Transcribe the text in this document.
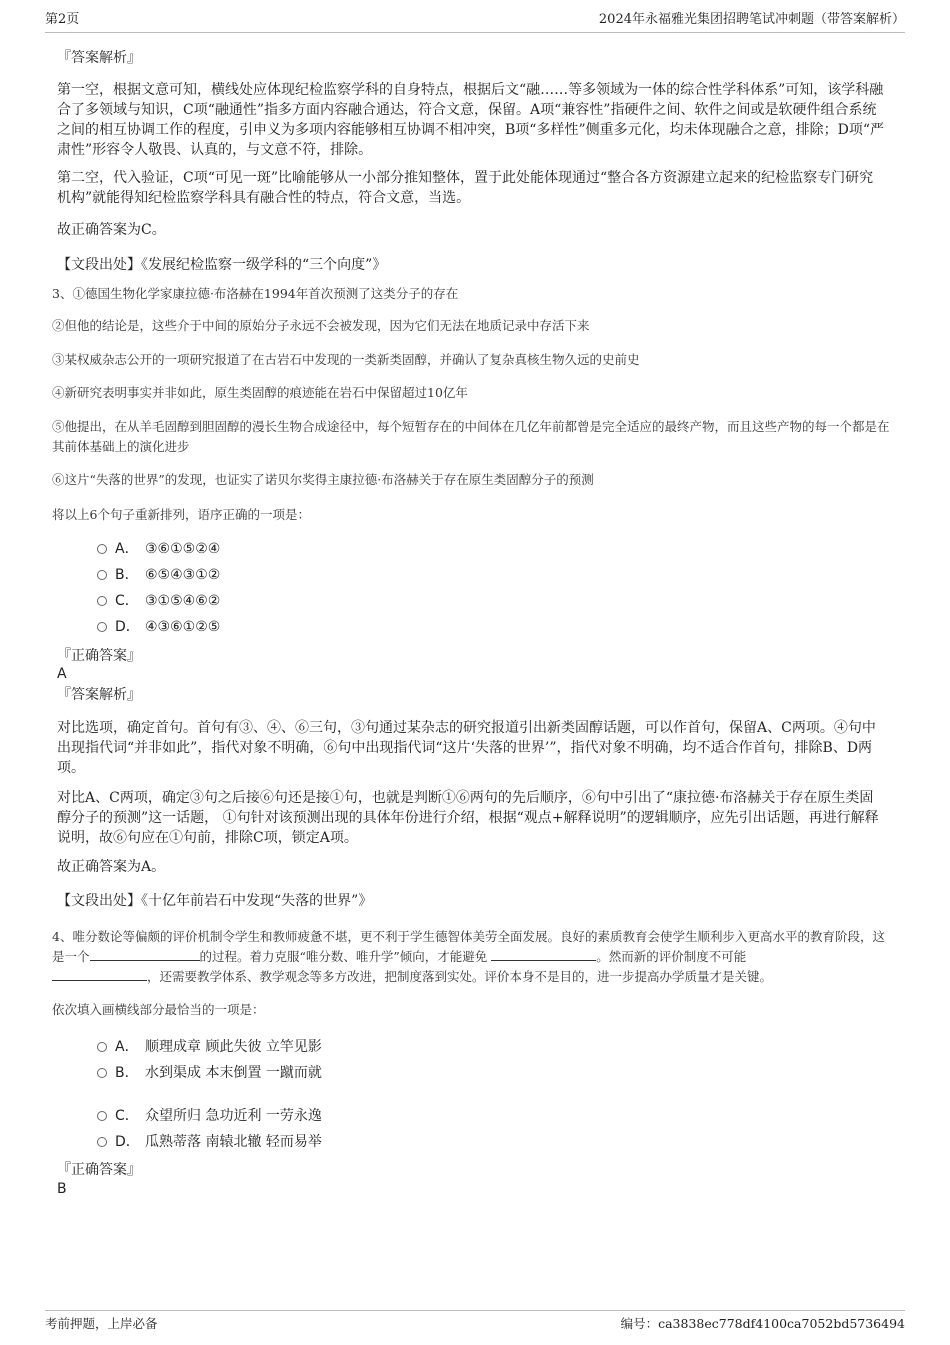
第2页	2024年永福雅光集团招聘笔试冲刺题（带答案解析）
『答案解析』

第一空，根据文意可知，横线处应体现纪检监察学科的自身特点，根据后文“融……等多领域为一体的综合性学科体系”可知，该学科融合了多领域与知识，C项“融通性”指多方面内容融合通达，符合文意，保留。A项“兼容性”指硬件之间、软件之间或是软硬件组合系统之间的相互协调工作的程度，引申义为多项内容能够相互协调不相冲突，B项“多样性”侧重多元化，均未体现融合之意，排除；D项“严肃性”形容令人敬畏、认真的，与文意不符，排除。

第二空，代入验证，C项“可见一斑”比喻能够从一小部分推知整体，置于此处能体现通过“整合各方资源建立起来的纪检监察专门研究机构”就能得知纪检监察学科具有融合性的特点，符合文意，当选。

故正确答案为C。

【文段出处】《发展纪检监察一级学科的“三个向度”》

3、①德国生物化学家康拉德·布洛赫在1994年首次预测了这类分子的存在

②但他的结论是，这些介于中间的原始分子永远不会被发现，因为它们无法在地质记录中存活下来

③某权威杂志公开的一项研究报道了在古岩石中发现的一类新类固醇，并确认了复杂真核生物久远的史前史

④新研究表明事实并非如此，原生类固醇的痕迹能在岩石中保留超过10亿年

⑤他提出，在从羊毛固醇到胆固醇的漫长生物合成途径中，每个短暂存在的中间体在几亿年前都曾是完全适应的最终产物，而且这些产物的每一个都是在其前体基础上的演化进步

⑥这片“失落的世界”的发现，也证实了诺贝尔奖得主康拉德·布洛赫关于存在原生类固醇分子的预测

将以上6个句子重新排列，语序正确的一项是：

A． ③⑥①⑤②④
B． ⑥⑤④③①②
C． ③①⑤④⑥②
D． ④③⑥①②⑤
『正确答案』
A
『答案解析』

对比选项，确定首句。首句有③、④、⑥三句，③句通过某杂志的研究报道引出新类固醇话题，可以作首句，保留A、C两项。④句中出现指代词“并非如此”，指代对象不明确，⑥句中出现指代词“这片‘失落的世界’”，指代对象不明确，均不适合作首句，排除B、D两项。

对比A、C两项，确定③句之后接⑥句还是接①句，也就是判断①⑥两句的先后顺序，⑥句中引出了“康拉德·布洛赫关于存在原生类固醇分子的预测”这一话题， ①句针对该预测出现的具体年份进行介绍，根据“观点+解释说明”的逻辑顺序，应先引出话题，再进行解释说明，故⑥句应在①句前，排除C项，锁定A项。

故正确答案为A。

【文段出处】《十亿年前岩石中发现“失落的世界”》

4、唯分数论等偏颇的评价机制令学生和教师疲惫不堪，更不利于学生德智体美劳全面发展。良好的素质教育会使学生顺利步入更高水平的教育阶段，这是一个	的过程。着力克服“唯分数、唯升学”倾向，才能避免	。然而新的评价制度不可能
，还需要教学体系、教学观念等多方改进，把制度落到实处。评价本身不是目的，进一步提高办学质量才是关键。

依次填入画横线部分最恰当的一项是：

A． 顺理成章 顾此失彼 立竿见影
B． 水到渠成 本末倒置 一蹴而就
C． 众望所归 急功近利 一劳永逸
D． 瓜熟蒂落 南辕北辙 轻而易举
『正确答案』
B
考前押题，上岸必备	编号：ca3838ec778df4100ca7052bd5736494
